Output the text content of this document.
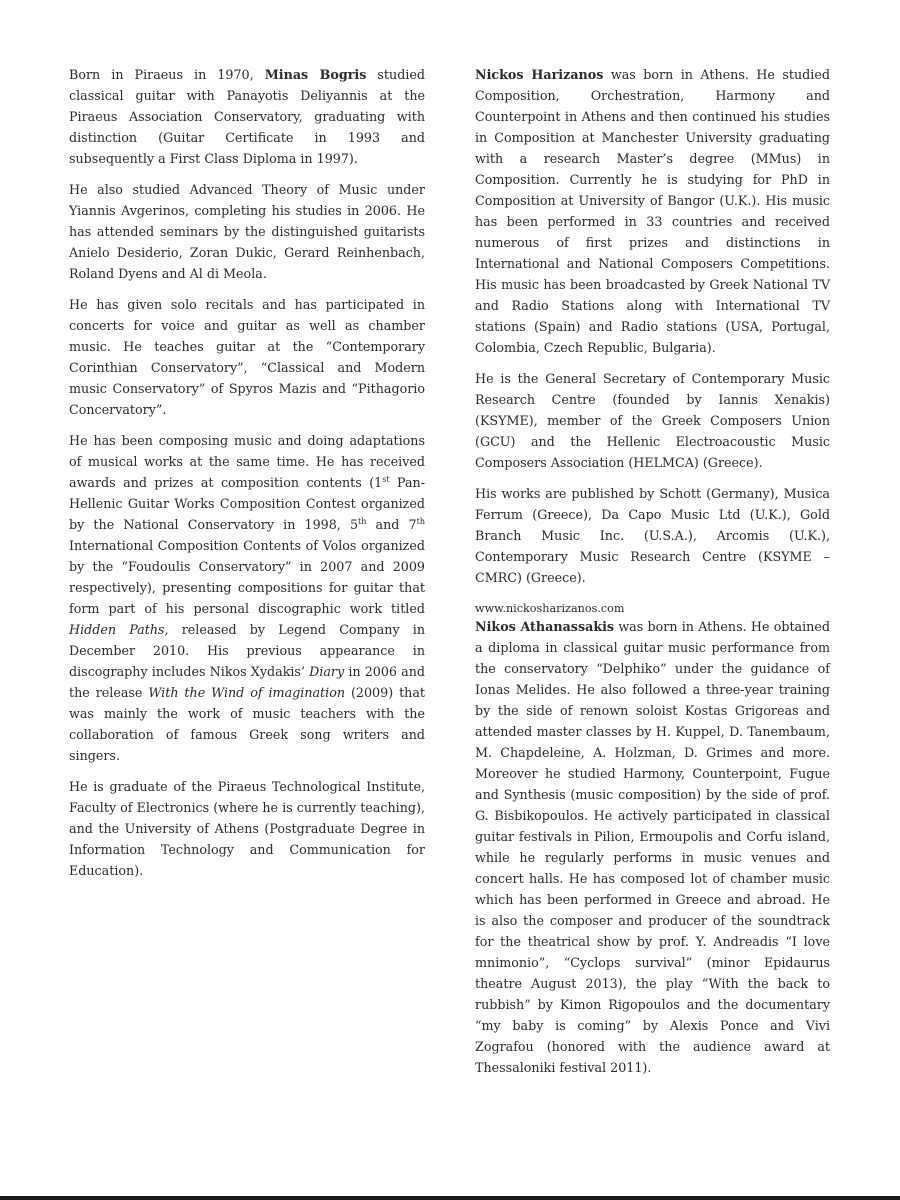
Born in Piraeus in 1970, Minas Bogris studied classical guitar with Panayotis Deliyannis at the Piraeus Association Conservatory, graduating with distinction (Guitar Certificate in 1993 and subsequently a First Class Diploma in 1997).

He also studied Advanced Theory of Music under Yiannis Avgerinos, completing his studies in 2006. He has attended seminars by the distinguished guitarists Anielo Desiderio, Zoran Dukic, Gerard Reinhenbach, Roland Dyens and Al di Meola.

He has given solo recitals and has participated in concerts for voice and guitar as well as chamber music. He teaches guitar at the “Contemporary Corinthian Conservatory”, “Classical and Modern music Conservatory” of Spyros Mazis and “Pithagorio Concervatory”.

He has been composing music and doing adaptations of musical works at the same time. He has received awards and prizes at composition contents (1st Pan-Hellenic Guitar Works Composition Contest organized by the National Conservatory in 1998, 5th and 7th International Composition Contents of Volos organized by the “Foudoulis Conservatory” in 2007 and 2009 respectively), presenting compositions for guitar that form part of his personal discographic work titled Hidden Paths, released by Legend Company in December 2010. His previous appearance in discography includes Nikos Xydakis’ Diary in 2006 and the release With the Wind of imagination (2009) that was mainly the work of music teachers with the collaboration of famous Greek song writers and singers.

He is graduate of the Piraeus Technological Institute, Faculty of Electronics (where he is currently teaching), and the University of Athens (Postgraduate Degree in Information Technology and Communication for Education).

Nickos Harizanos was born in Athens. He studied Composition, Orchestration, Harmony and Counterpoint in Athens and then continued his studies in Composition at Manchester University graduating with a research Master’s degree (MMus) in Composition. Currently he is studying for PhD in Composition at University of Bangor (U.K.). His music has been performed in 33 countries and received numerous of first prizes and distinctions in International and National Composers Competitions. His music has been broadcasted by Greek National TV and Radio Stations along with International TV stations (Spain) and Radio stations (USA, Portugal, Colombia, Czech Republic, Bulgaria).

He is the General Secretary of Contemporary Music Research Centre (founded by Iannis Xenakis) (KSYME), member of the Greek Composers Union (GCU) and the Hellenic Electroacoustic Music Composers Association (HELMCA) (Greece).

His works are published by Schott (Germany), Musica Ferrum (Greece), Da Capo Music Ltd (U.K.), Gold Branch Music Inc. (U.S.A.), Arcomis (U.K.), Contemporary Music Research Centre (KSYME – CMRC) (Greece).

www.nickosharizanos.com

Nikos Athanassakis was born in Athens. He obtained a diploma in classical guitar music performance from the conservatory “Delphiko” under the guidance of Ionas Melides. He also followed a three-year training by the side of renown soloist Kostas Grigoreas and attended master classes by H. Kuppel, D. Tanembaum, M. Chapdeleine, A. Holzman, D. Grimes and more. Moreover he studied Harmony, Counterpoint, Fugue and Synthesis (music composition) by the side of prof. G. Bisbikopoulos. He actively participated in classical guitar festivals in Pilion, Ermoupolis and Corfu island, while he regularly performs in music venues and concert halls. He has composed lot of chamber music which has been performed in Greece and abroad. He is also the composer and producer of the soundtrack for the theatrical show by prof. Y. Andreadis “I love mnimonio”, “Cyclops survival” (minor Epidaurus theatre August 2013), the play “With the back to rubbish” by Kimon Rigopoulos and the documentary “my baby is coming” by Alexis Ponce and Vivi Zografou (honored with the audience award at Thessaloniki festival 2011).
